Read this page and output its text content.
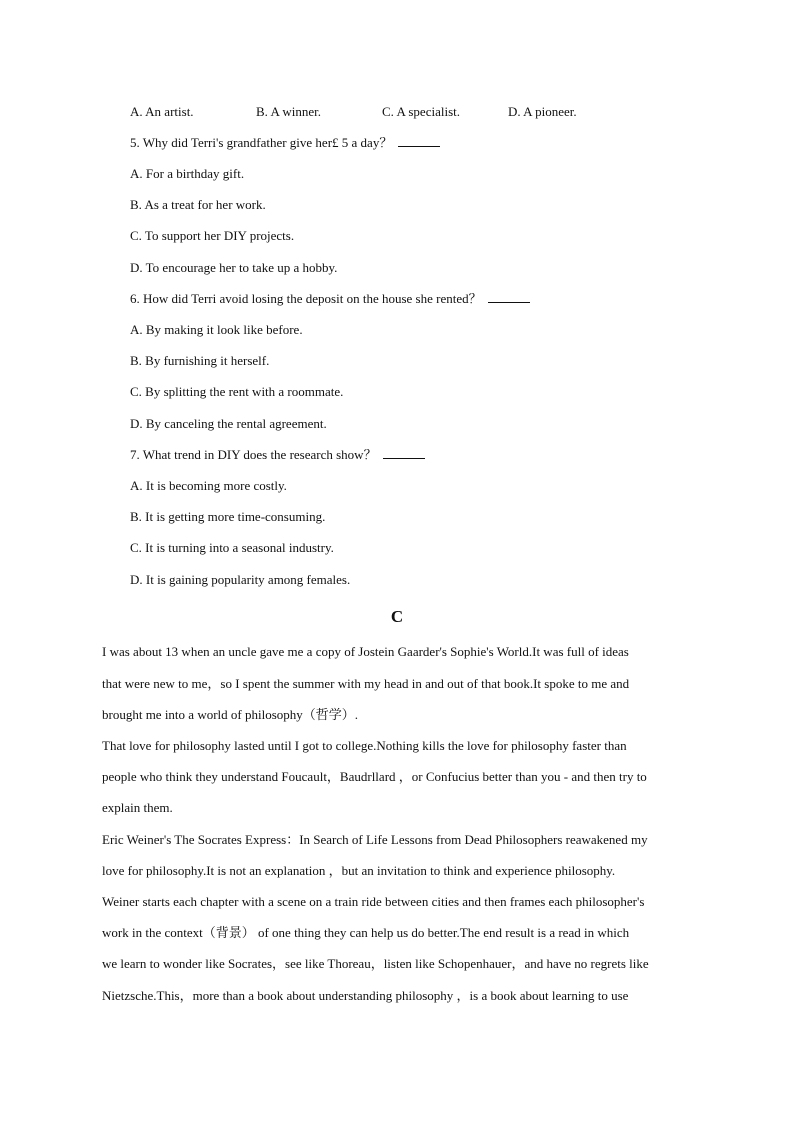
A. An artist.	B. A winner.	C. A specialist.	D. A pioneer.
5. Why did Terri's grandfather give her£ 5 a day？
A. For a birthday gift.
B. As a treat for her work.
C. To support her DIY projects.
D. To encourage her to take up a hobby.
6. How did Terri avoid losing the deposit on the house she rented？
A. By making it look like before.
B. By furnishing it herself.
C. By splitting the rent with a roommate.
D. By canceling the rental agreement.
7. What trend in DIY does the research show？
A. It is becoming more costly.
B. It is getting more time-consuming.
C. It is turning into a seasonal industry.
D. It is gaining popularity among females.
C
I was about 13 when an uncle gave me a copy of Jostein Gaarder's Sophie's World.It was full of ideas
that were new to me，so I spent the summer with my head in and out of that book.It spoke to me and
brought me into a world of philosophy（哲学）.
That love for philosophy lasted until I got to college.Nothing kills the love for philosophy faster than
people who think they understand Foucault，Baudrllard ，or Confucius better than you - and then try to
explain them.
Eric Weiner's The Socrates Express：In Search of Life Lessons from Dead Philosophers reawakened my
love for philosophy.It is not an explanation ，but an invitation to think and experience philosophy.
Weiner starts each chapter with a scene on a train ride between cities and then frames each philosopher's
work in the context（背景） of one thing they can help us do better.The end result is a read in which
we learn to wonder like Socrates，see like Thoreau，listen like Schopenhauer，and have no regrets like
Nietzsche.This，more than a book about understanding philosophy ，is a book about learning to use
